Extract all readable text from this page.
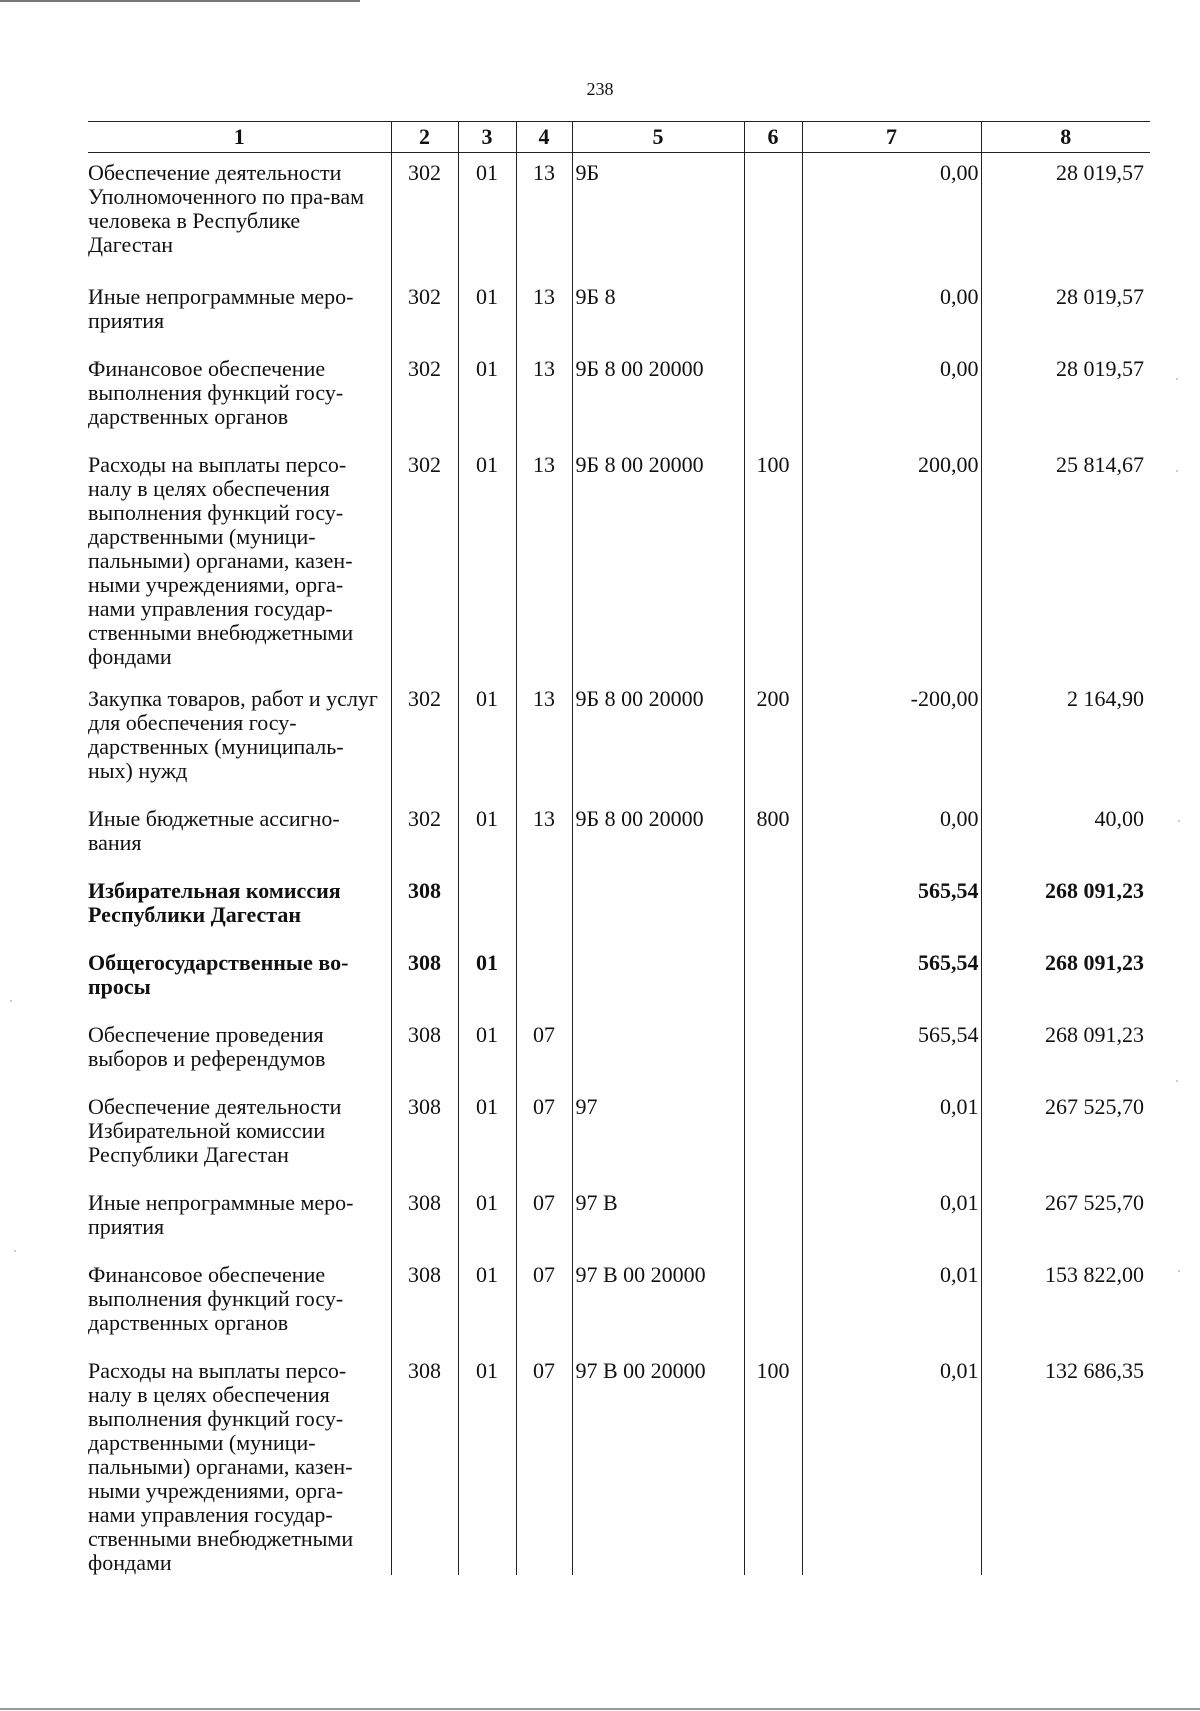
238
1	2	3	4	5	6	7	8
Обеспечение деятельности Уполномоченного по пра-вам человека в Республике Дагестан	302	01	13	9Б		0,00	28 019,57
Иные непрограммные меро-приятия	302	01	13	9Б 8		0,00	28 019,57
Финансовое обеспечение выполнения функций госу-дарственных органов	302	01	13	9Б 8 00 20000		0,00	28 019,57
Расходы на выплаты персо-налу в целях обеспечения выполнения функций госу-дарственными (муници-пальными) органами, казен-ными учреждениями, орга-нами управления государ-ственными внебюджетными фондами	302	01	13	9Б 8 00 20000	100	200,00	25 814,67
Закупка товаров, работ и услуг для обеспечения госу-дарственных (муниципаль-ных) нужд	302	01	13	9Б 8 00 20000	200	-200,00	2 164,90
Иные бюджетные ассигно-вания	302	01	13	9Б 8 00 20000	800	0,00	40,00
Избирательная комиссия Республики Дагестан	308					565,54	268 091,23
Общегосударственные во-просы	308	01				565,54	268 091,23
Обеспечение проведения выборов и референдумов	308	01	07			565,54	268 091,23
Обеспечение деятельности Избирательной комиссии Республики Дагестан	308	01	07	97		0,01	267 525,70
Иные непрограммные меро-приятия	308	01	07	97 В		0,01	267 525,70
Финансовое обеспечение выполнения функций госу-дарственных органов	308	01	07	97 В 00 20000		0,01	153 822,00
Расходы на выплаты персо-налу в целях обеспечения выполнения функций госу-дарственными (муници-пальными) органами, казен-ными учреждениями, орга-нами управления государ-ственными внебюджетными фондами	308	01	07	97 В 00 20000	100	0,01	132 686,35
